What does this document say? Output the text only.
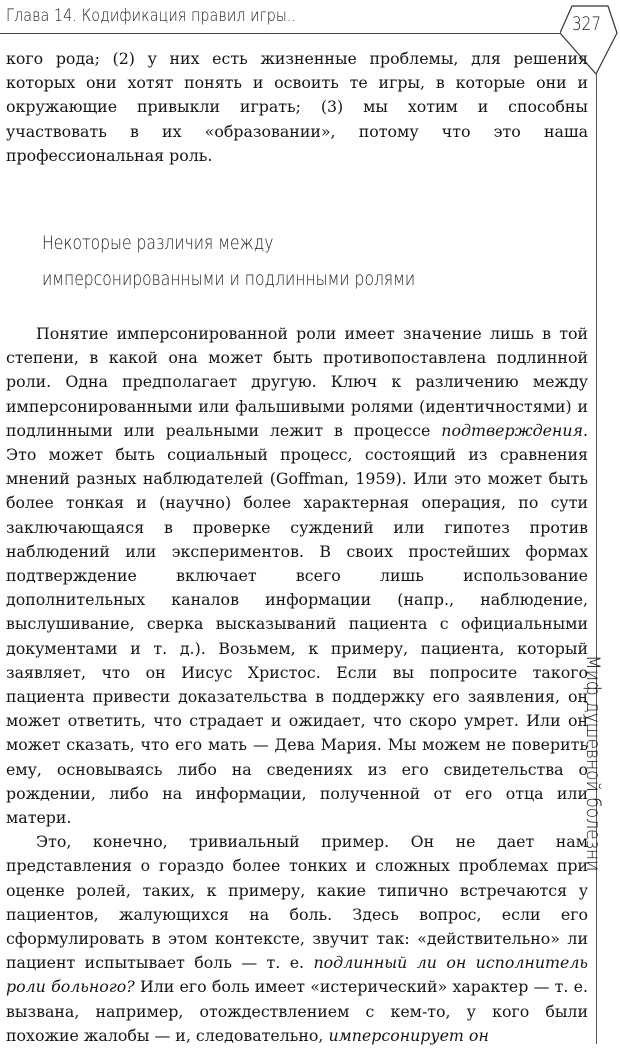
Глава 14. Кодификация правил игры..	327
Миф душевной болезни

кого рода; (2) у них есть жизненные проблемы, для решения которых они хотят понять и освоить те игры, в которые они и окружающие привыкли играть; (3) мы хотим и способны участвовать в их «образовании», потому что это наша профессиональная роль.

Некоторые различия между
имперсонированными и подлинными ролями

Понятие имперсонированной роли имеет значение лишь в той степени, в какой она может быть противопоставлена подлинной роли. Одна предполагает другую. Ключ к различению между имперсонированными или фальшивыми ролями (идентичностями) и подлинными или реальными лежит в процессе подтверждения. Это может быть социальный процесс, состоящий из сравнения мнений разных наблюдателей (Goffman, 1959). Или это может быть более тонкая и (научно) более характерная операция, по сути заключающаяся в проверке суждений или гипотез против наблюдений или экспериментов. В своих простейших формах подтверждение включает всего лишь использование дополнительных каналов информации (напр., наблюдение, выслушивание, сверка высказываний пациента с официальными документами и т. д.). Возьмем, к примеру, пациента, который заявляет, что он Иисус Христос. Если вы попросите такого пациента привести доказательства в поддержку его заявления, он может ответить, что страдает и ожидает, что скоро умрет. Или он может сказать, что его мать — Дева Мария. Мы можем не поверить ему, основываясь либо на сведениях из его свидетельства о рождении, либо на информации, полученной от его отца или матери.

Это, конечно, тривиальный пример. Он не дает нам представления о гораздо более тонких и сложных проблемах при оценке ролей, таких, к примеру, какие типично встречаются у пациентов, жалующихся на боль. Здесь вопрос, если его сформулировать в этом контексте, звучит так: «действительно» ли пациент испытывает боль — т. е. подлинный ли он исполнитель роли больного? Или его боль имеет «истерический» характер — т. е. вызвана, например, отождествлением с кем-то, у кого были похожие жалобы — и, следовательно, имперсонирует он
